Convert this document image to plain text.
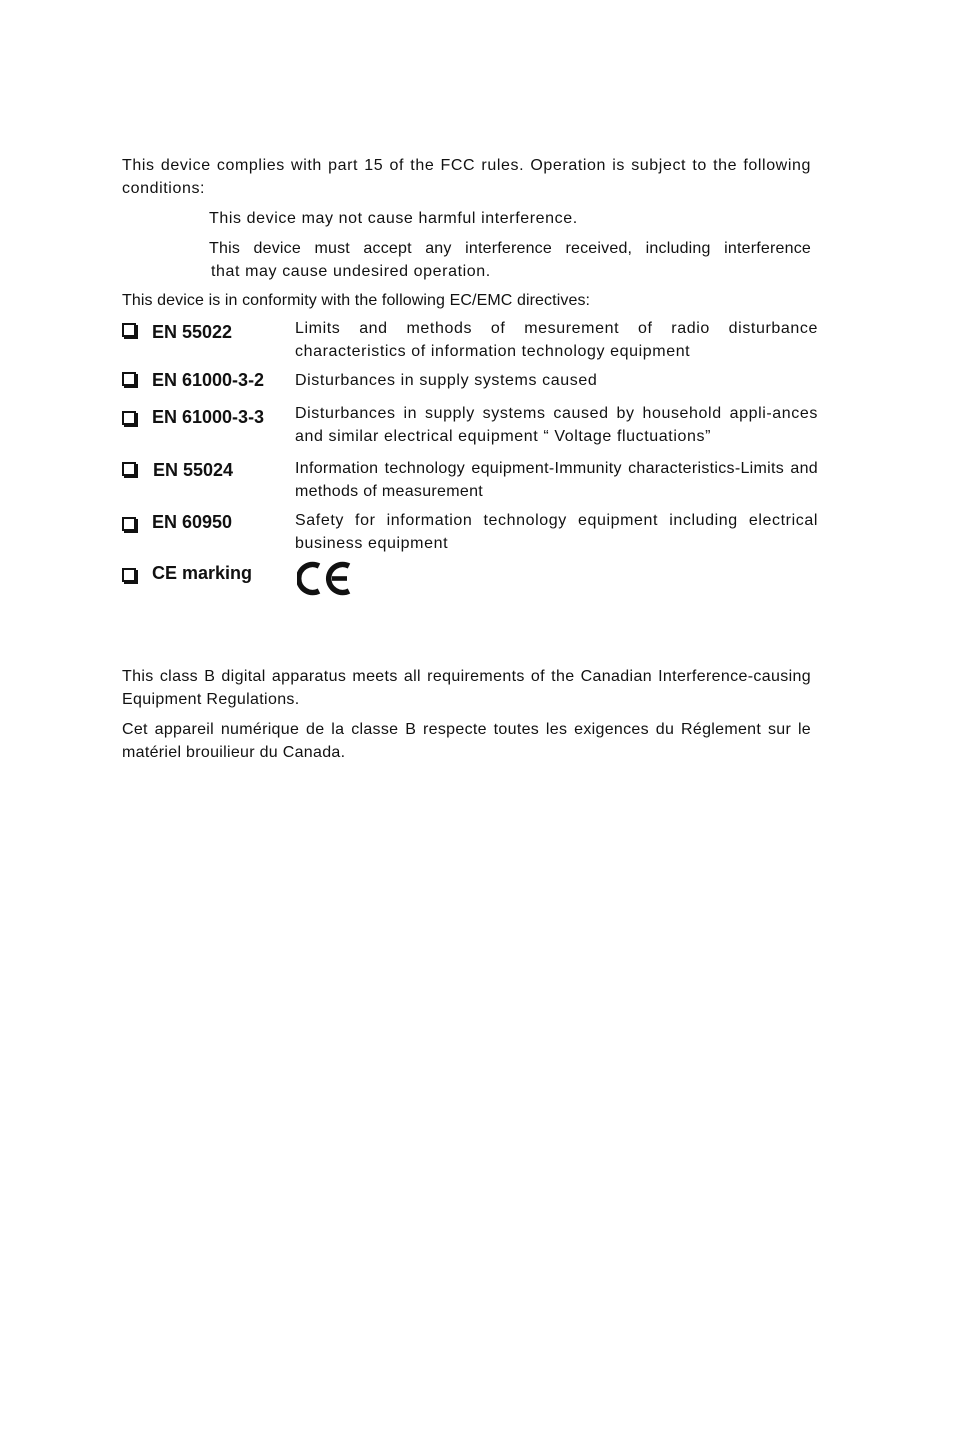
This device complies with part 15 of the FCC rules. Operation is subject to the following conditions:

This device may not cause harmful interference.

This device must accept any interference received, including interference

that may cause undesired operation.

This device is in conformity with the following EC/EMC directives:

EN 55022	Limits and methods of mesurement of radio disturbance characteristics of information technology equipment
EN 61000-3-2 Disturbances in supply systems caused
EN 61000-3-3 Disturbances in supply systems caused by household appli-ances and similar electrical equipment “ Voltage fluctuations”
EN 55024	Information technology equipment-Immunity characteristics-Limits and methods of measurement
EN 60950	Safety for information technology equipment including electrical business equipment
CE marking

This class B digital apparatus meets all requirements of the Canadian Interference-causing Equipment Regulations.

Cet appareil numérique de la classe B respecte toutes les exigences du Réglement sur le matériel brouilieur du Canada.
